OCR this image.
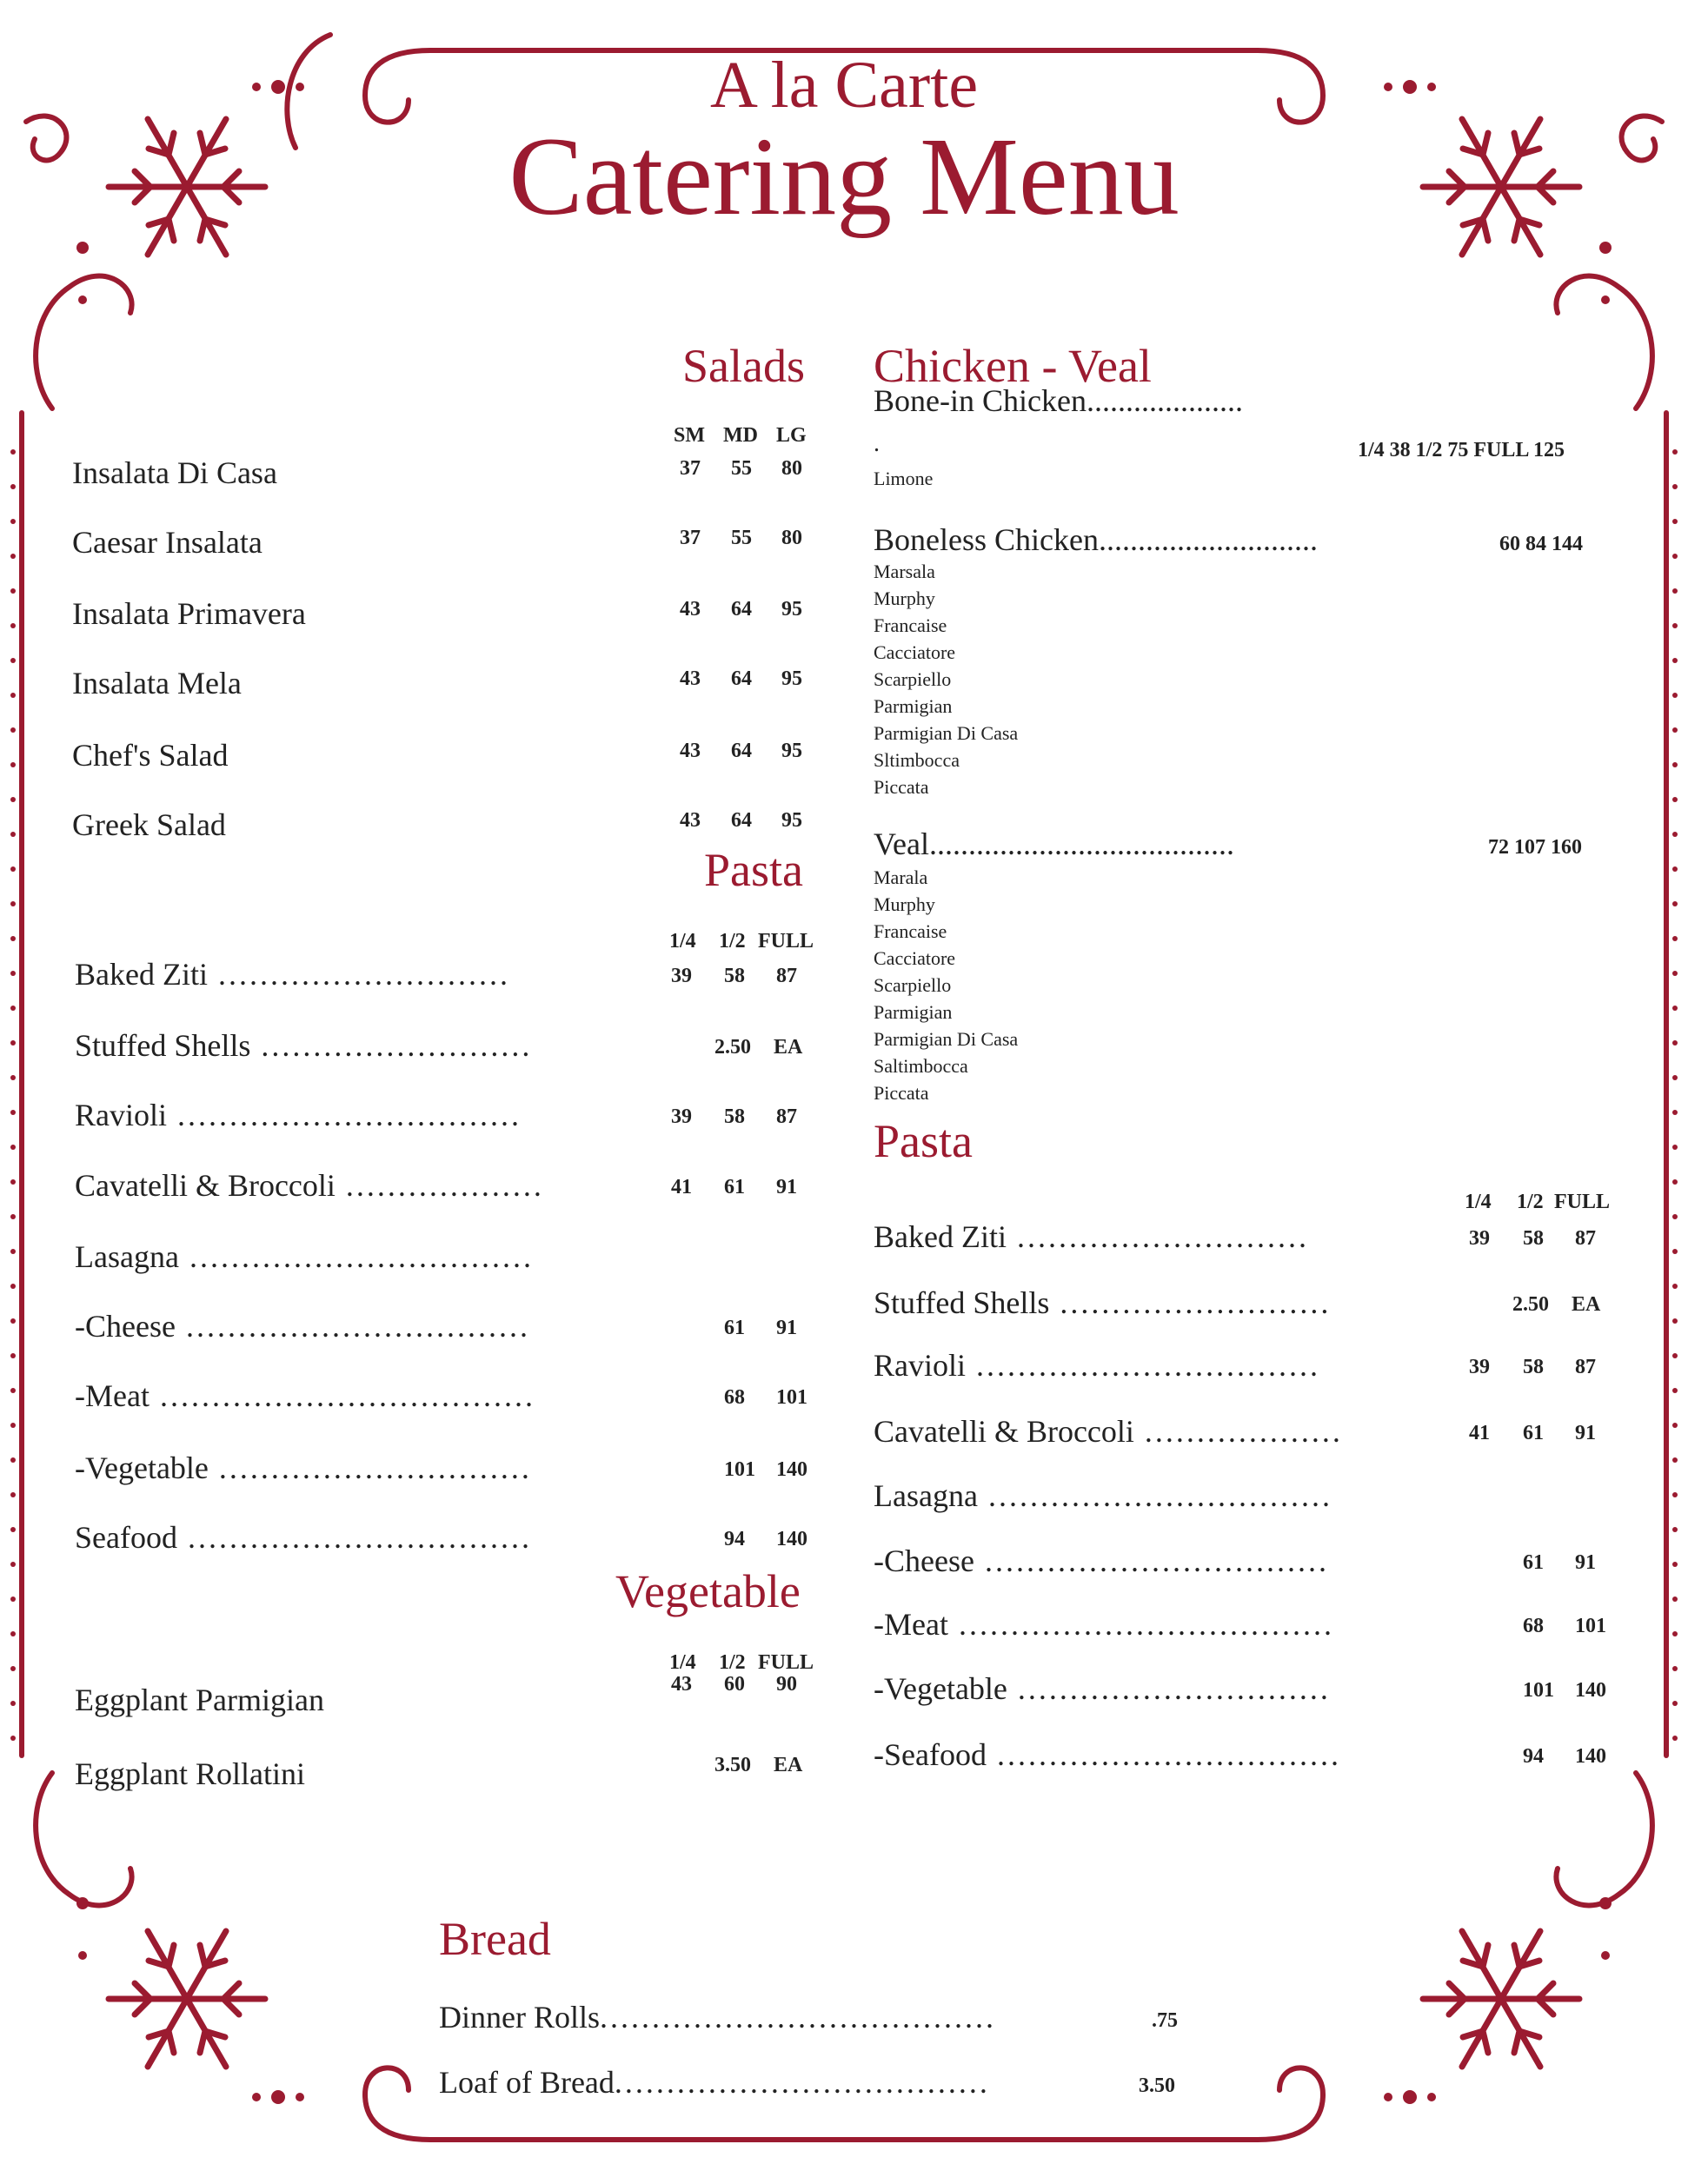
A la Carte
Catering Menu
Salads
SM MD LG
Insalata Di Casa	37 55 80
Caesar Insalata	37 55 80
Insalata Primavera	43 64 95
Insalata Mela	43 64 95
Chef's Salad	43 64 95
Greek Salad	43 64 95
Pasta
1/4 1/2 FULL
Baked Ziti ............................	39 58 87
Stuffed Shells ..........................	2.50 EA
Ravioli .................................	39 58 87
Cavatelli & Broccoli ...................	41 61 91
Lasagna .................................
-Cheese .................................	61 91
-Meat ....................................	68 101
-Vegetable ..............................	101 140
Seafood .................................	94 140
Vegetable
1/4 1/2 FULL
Eggplant Parmigian	43 60 90
Eggplant Rollatini	3.50 EA
Chicken - Veal
Bone-in Chicken....................
.	1/4 38 1/2 75 FULL 125
Limone
Boneless Chicken............................	60 84 144
Marsala
Murphy
Francaise
Cacciatore
Scarpiello
Parmigian
Parmigian Di Casa
Sltimbocca
Piccata
Veal.......................................	72 107 160
Marala
Murphy
Francaise
Cacciatore
Scarpiello
Parmigian
Parmigian Di Casa
Saltimbocca
Piccata
Pasta
1/4 1/2 FULL
Baked Ziti ............................	39 58 87
Stuffed Shells ..........................	2.50 EA
Ravioli .................................	39 58 87
Cavatelli & Broccoli ...................	41 61 91
Lasagna .................................
-Cheese .................................	61 91
-Meat ....................................	68 101
-Vegetable ..............................	101 140
-Seafood .................................	94 140
Bread
Dinner Rolls......................................	.75
Loaf of Bread....................................	3.50
